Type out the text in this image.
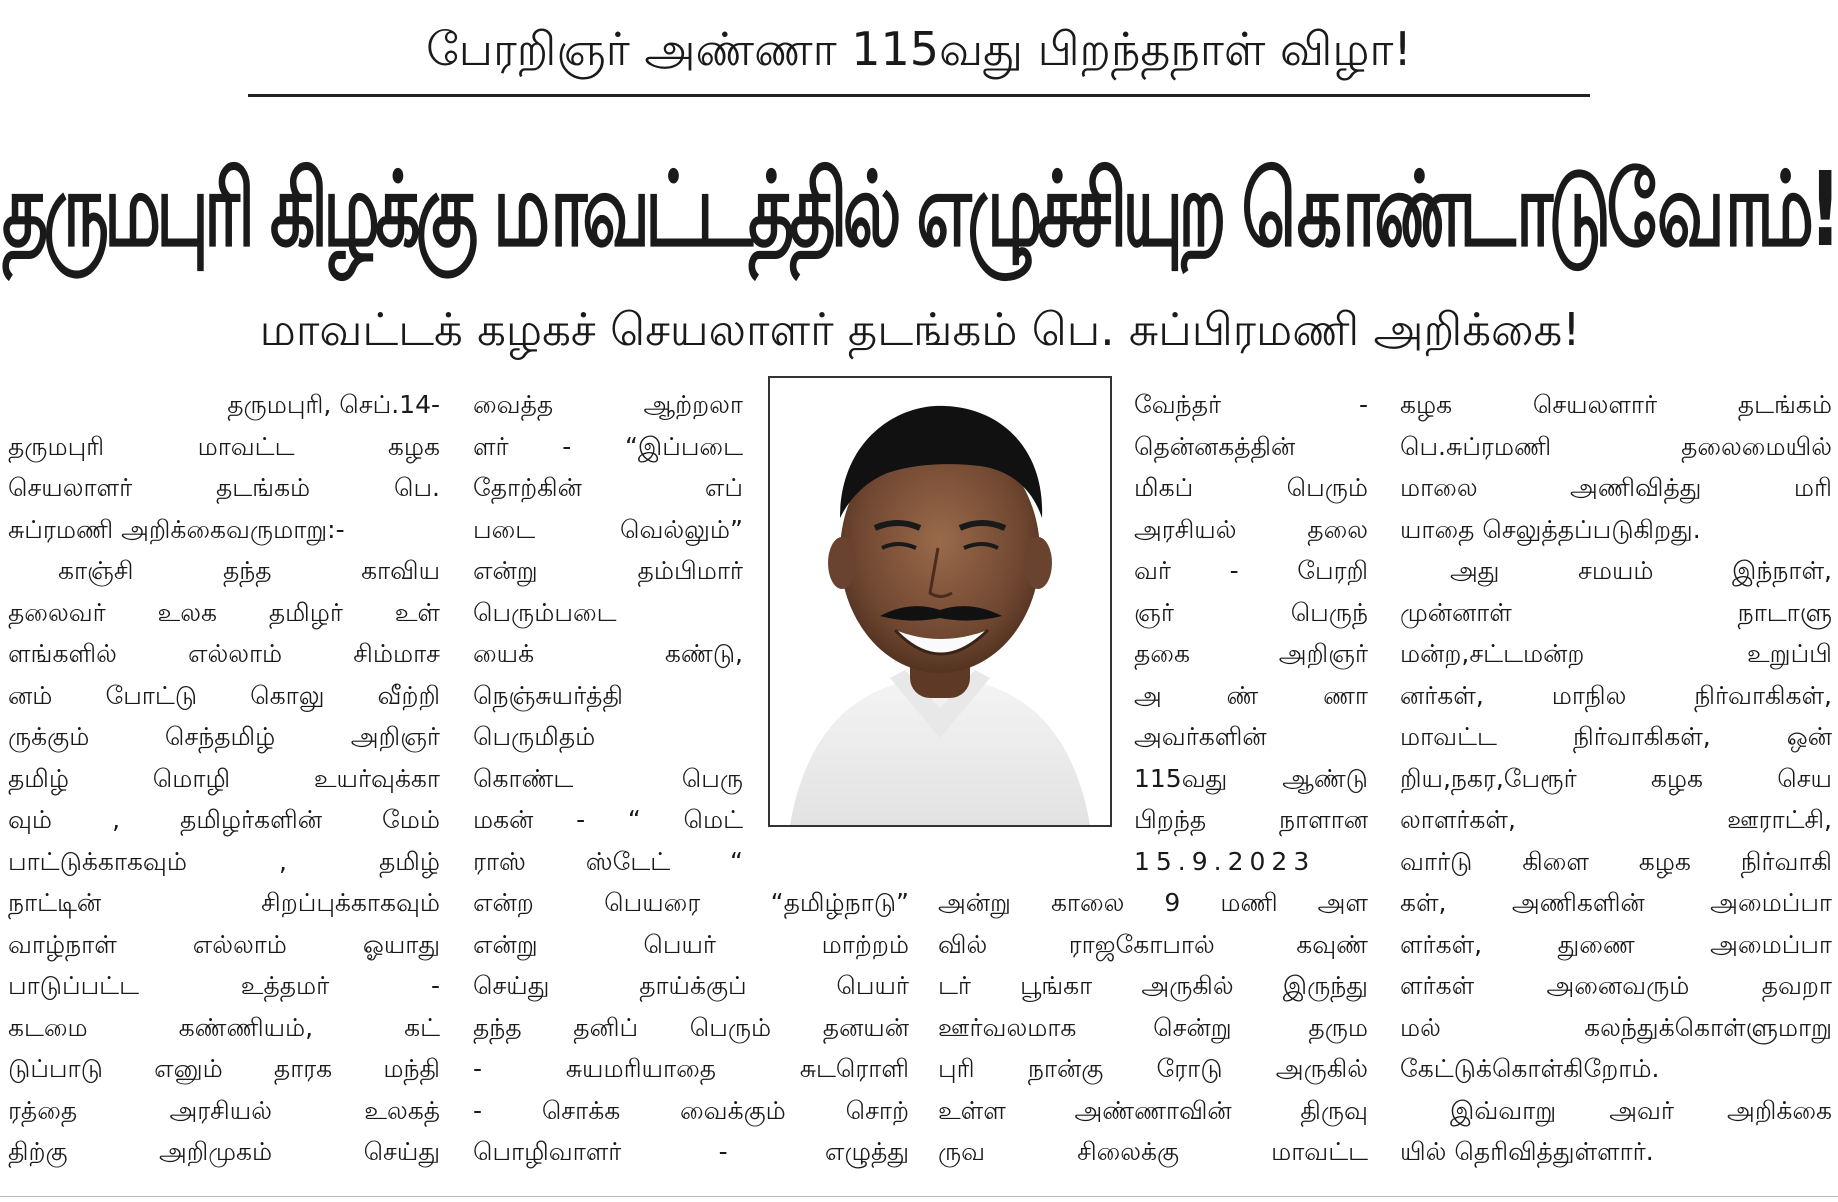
பேரறிஞர் அண்ணா 115வது பிறந்தநாள் விழா!
தருமபுரி கிழக்கு மாவட்டத்தில் எழுச்சியுற கொண்டாடுவோம்!
மாவட்டக் கழகச் செயலாளர் தடங்கம் பெ. சுப்பிரமணி அறிக்கை!
தருமபுரி, செப்.14-
தருமபுரி மாவட்ட கழக
செயலாளர் தடங்கம் பெ.
சுப்ரமணி அறிக்கைவருமாறு:-
காஞ்சி தந்த காவிய
தலைவர் உலக தமிழர் உள்
ளங்களில் எல்லாம் சிம்மாச
னம் போட்டு கொலு வீற்றி
ருக்கும் செந்தமிழ் அறிஞர்
தமிழ் மொழி உயர்வுக்கா
வும் , தமிழர்களின் மேம்
பாட்டுக்காகவும் , தமிழ்
நாட்டின் சிறப்புக்காகவும்
வாழ்நாள் எல்லாம் ஓயாது
பாடுப்பட்ட உத்தமர் -
கடமை கண்ணியம், கட்
டுப்பாடு எனும் தாரக மந்தி
ரத்தை அரசியல் உலகத்
திற்கு அறிமுகம் செய்து
வைத்த ஆற்றலா
ளர் - “இப்படை
தோற்கின் எப்
படை வெல்லும்”
என்று தம்பிமார்
பெரும்படை
யைக் கண்டு,
நெஞ்சுயர்த்தி
பெருமிதம்
கொண்ட பெரு
மகன் - “ மெட்
ராஸ் ஸ்டேட் “
என்ற பெயரை “தமிழ்நாடு”
என்று பெயர் மாற்றம்
செய்து தாய்க்குப் பெயர்
தந்த தனிப் பெரும் தனயன்
- சுயமரியாதை சுடரொளி
- சொக்க வைக்கும் சொற்
பொழிவாளர் - எழுத்து
வேந்தர் -
தென்னகத்தின்
மிகப் பெரும்
அரசியல் தலை
வர் - பேரறி
ஞர் பெருந்
தகை அறிஞர்
அ ண் ணா
அவர்களின்
115வது ஆண்டு
பிறந்த நாளான
15.9.2023
அன்று காலை 9 மணி அள
வில் ராஜகோபால் கவுண்
டர் பூங்கா அருகில் இருந்து
ஊர்வலமாக சென்று தரும
புரி நான்கு ரோடு அருகில்
உள்ள அண்ணாவின் திருவு
ருவ சிலைக்கு மாவட்ட
கழக செயலளார் தடங்கம்
பெ.சுப்ரமணி தலைமையில்
மாலை அணிவித்து மரி
யாதை செலுத்தப்படுகிறது.
அது சமயம் இந்நாள்,
முன்னாள் நாடாளு
மன்ற,சட்டமன்ற உறுப்பி
னர்கள், மாநில நிர்வாகிகள்,
மாவட்ட நிர்வாகிகள், ஒன்
றிய,நகர,பேரூர் கழக செய
லாளர்கள், ஊராட்சி,
வார்டு கிளை கழக நிர்வாகி
கள், அணிகளின் அமைப்பா
ளர்கள், துணை அமைப்பா
ளர்கள் அனைவரும் தவறா
மல் கலந்துக்கொள்ளுமாறு
கேட்டுக்கொள்கிறோம்.
இவ்வாறு அவர் அறிக்கை
யில் தெரிவித்துள்ளார்.
